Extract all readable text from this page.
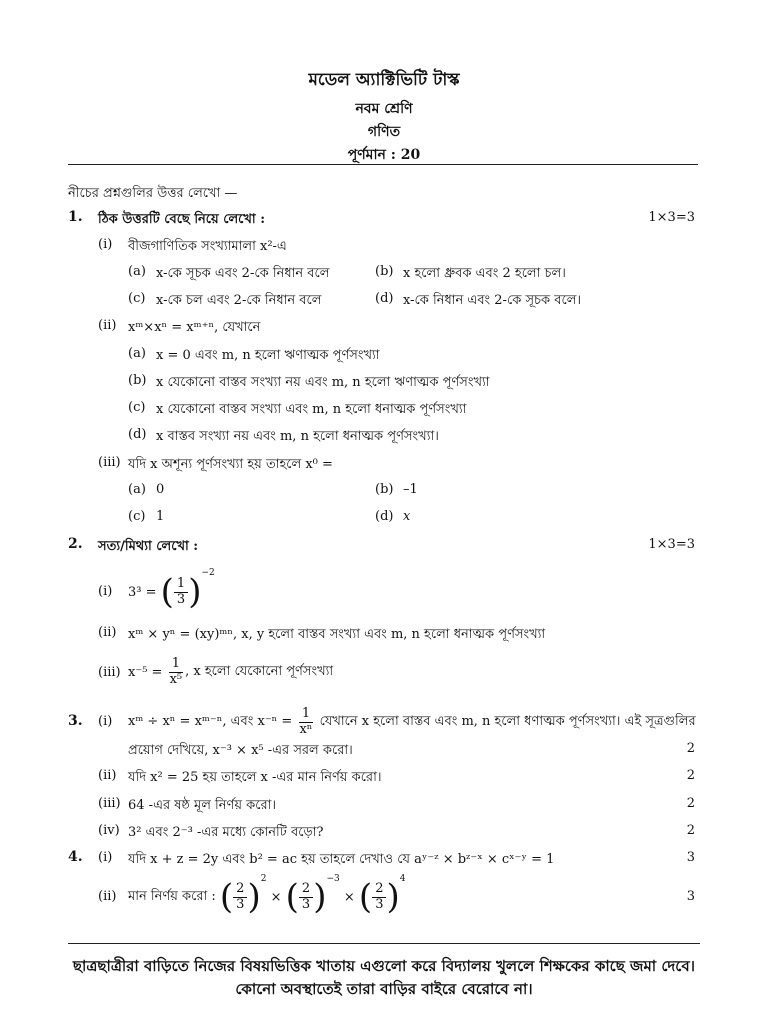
মডেল অ্যাক্টিভিটি টাস্ক
নবম শ্রেণি
গণিত
পূর্ণমান : 20
নীচের প্রশ্নগুলির উত্তর লেখো —
1. ঠিক উত্তরটি বেছে নিয়ে লেখো :	1×3=3
(i) বীজগাণিতিক সংখ্যামালা x²-এ
(a) x-কে সূচক এবং 2-কে নিধান বলে	(b) x হলো ধ্রুবক এবং 2 হলো চল।
(c) x-কে চল এবং 2-কে নিধান বলে	(d) x-কে নিধান এবং 2-কে সূচক বলে।
(ii) xᵐ×xⁿ = xᵐ⁺ⁿ, যেখানে
(a) x = 0 এবং m, n হলো ঋণাত্মক পূর্ণসংখ্যা
(b) x যেকোনো বাস্তব সংখ্যা নয় এবং m, n হলো ঋণাত্মক পূর্ণসংখ্যা
(c) x যেকোনো বাস্তব সংখ্যা এবং m, n হলো ধনাত্মক পূর্ণসংখ্যা
(d) x বাস্তব সংখ্যা নয় এবং m, n হলো ধনাত্মক পূর্ণসংখ্যা।
(iii) যদি x অশূন্য পূর্ণসংখ্যা হয় তাহলে x⁰ =
(a) 0	(b) –1
(c) 1	(d) x
2. সত্য/মিথ্যা লেখো :	1×3=3
(i) 3³ =
( $\frac{1}{3}$ ) −2
(ii) xᵐ × yⁿ = (xy)ᵐⁿ, x, y হলো বাস্তব সংখ্যা এবং m, n হলো ধনাত্মক পূর্ণসংখ্যা
(iii) x⁻⁵ =
$\frac{1}{\text{x⁵}}$ , x হলো যেকোনো পূর্ণসংখ্যা
3. (i) xᵐ ÷ xⁿ = xᵐ⁻ⁿ, এবং x⁻ⁿ =
$\frac{1}{\text{xⁿ}}$
যেখানে x হলো বাস্তব এবং m, n হলো ধণাত্মক পূর্ণসংখ্যা। এই সূত্রগুলির
প্রয়োগ দেখিয়ে, x⁻³ × x⁵ -এর সরল করো।	2
(ii) যদি x² = 25 হয় তাহলে x -এর মান নির্ণয় করো।	2
(iii) 64 -এর ষষ্ঠ মূল নির্ণয় করো।	2
(iv) 3² এবং 2⁻³ -এর মধ্যে কোনটি বড়ো?	2
4. (i) যদি x + z = 2y এবং b² = ac হয় তাহলে দেখাও যে aʸ⁻ᶻ × bᶻ⁻ˣ × cˣ⁻ʸ = 1	3
(ii) মান নির্ণয় করো :
( $\frac{2}{3}$ ) 2

×
( $\frac{2}{3}$ ) −3

×
( $\frac{2}{3}$ ) 4
3
ছাত্রছাত্রীরা বাড়িতে নিজের বিষয়ভিত্তিক খাতায় এগুলো করে বিদ্যালয় খুললে শিক্ষকের কাছে জমা দেবে।
কোনো অবস্থাতেই তারা বাড়ির বাইরে বেরোবে না।
